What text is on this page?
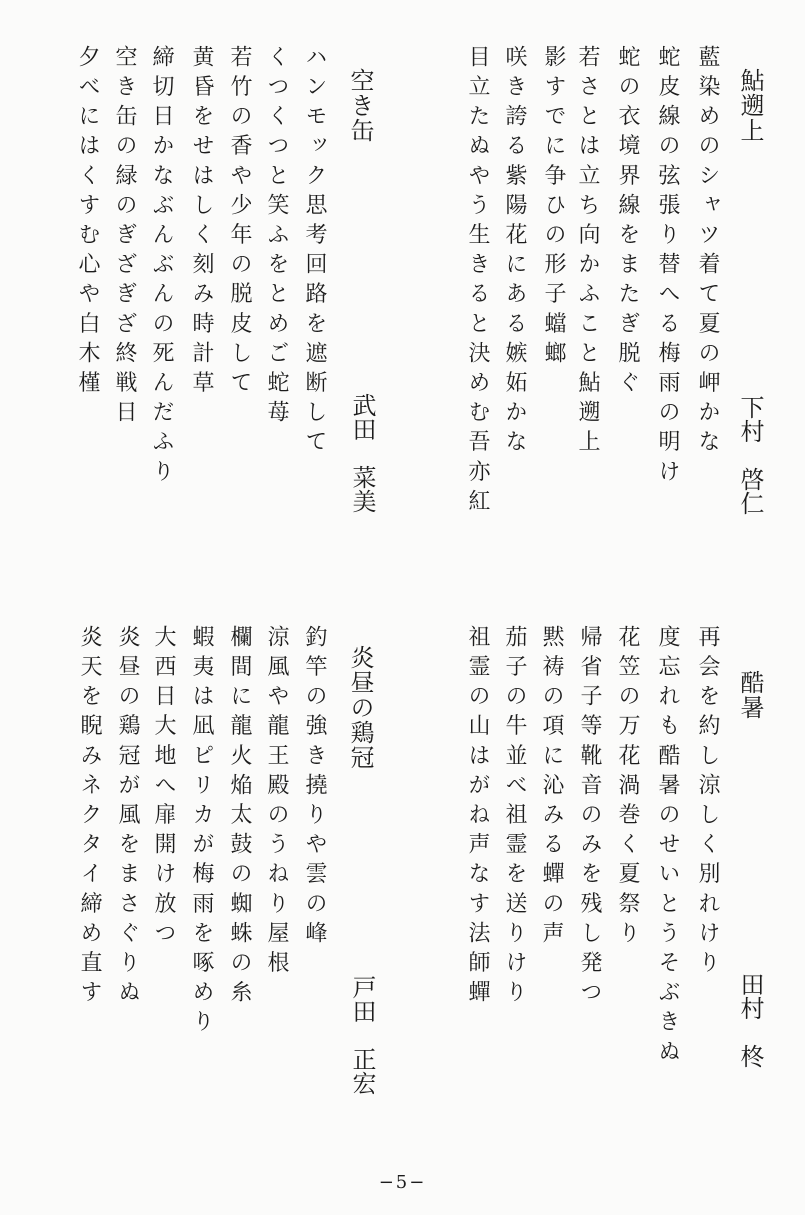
鮎遡上
下村　啓仁
藍染めのシャツ着て夏の岬かな
蛇皮線の弦張り替へる梅雨の明け
蛇の衣境界線をまたぎ脱ぐ
若さとは立ち向かふこと鮎遡上
影すでに争ひの形子蟷螂
咲き誇る紫陽花にある嫉妬かな
目立たぬやう生きると決めむ吾亦紅
空き缶
武田　菜美
ハンモック思考回路を遮断して
くつくつと笑ふをとめご蛇苺
若竹の香や少年の脱皮して
黄昏をせはしく刻み時計草
締切日かなぶんぶんの死んだふり
空き缶の緑のぎざぎざ終戦日
夕べにはくすむ心や白木槿
酷暑
田村　柊
再会を約し涼しく別れけり
度忘れも酷暑のせいとうそぶきぬ
花笠の万花渦巻く夏祭り
帰省子等靴音のみを残し発つ
黙祷の項に沁みる蟬の声
茄子の牛並べ祖霊を送りけり
祖霊の山はがね声なす法師蟬
炎昼の鶏冠
戸田　正宏
釣竿の強き撓りや雲の峰
涼風や龍王殿のうねり屋根
欄間に龍火焔太鼓の蜘蛛の糸
蝦夷は凪ピリカが梅雨を啄めり
大西日大地へ扉開け放つ
炎昼の鶏冠が風をまさぐりぬ
炎天を睨みネクタイ締め直す
−5−
